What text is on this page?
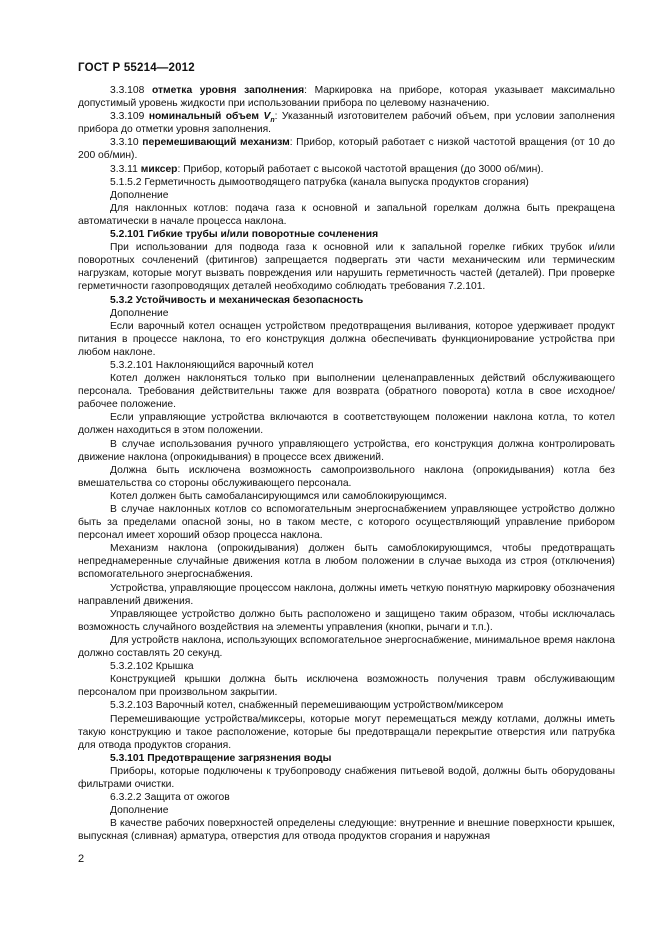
ГОСТ Р 55214—2012

3.3.108 отметка уровня заполнения: Маркировка на приборе, которая указывает максимально допустимый уровень жидкости при использовании прибора по целевому назначению.

3.3.109 номинальный объем $V_n$: Указанный изготовителем рабочий объем, при условии заполнения прибора до отметки уровня заполнения.

3.3.10 перемешивающий механизм: Прибор, который работает с низкой частотой вращения (от 10 до 200 об/мин).

3.3.11 миксер: Прибор, который работает с высокой частотой вращения (до 3000 об/мин).

5.1.5.2 Герметичность дымоотводящего патрубка (канала выпуска продуктов сгорания)

Дополнение

Для наклонных котлов: подача газа к основной и запальной горелкам должна быть прекращена автоматически в начале процесса наклона.

5.2.101 Гибкие трубы и/или поворотные сочленения

При использовании для подвода газа к основной или к запальной горелке гибких трубок и/или поворотных сочленений (фитингов) запрещается подвергать эти части механическим или термическим нагрузкам, которые могут вызвать повреждения или нарушить герметичность частей (деталей). При проверке герметичности газопроводящих деталей необходимо соблюдать требования 7.2.101.

5.3.2 Устойчивость и механическая безопасность

Дополнение

Если варочный котел оснащен устройством предотвращения выливания, которое удерживает продукт питания в процессе наклона, то его конструкция должна обеспечивать функционирование устройства при любом наклоне.

5.3.2.101 Наклоняющийся варочный котел

Котел должен наклоняться только при выполнении целенаправленных действий обслуживающего персонала. Требования действительны также для возврата (обратного поворота) котла в свое исходное/рабочее положение.

Если управляющие устройства включаются в соответствующем положении наклона котла, то котел должен находиться в этом положении.

В случае использования ручного управляющего устройства, его конструкция должна контролировать движение наклона (опрокидывания) в процессе всех движений.

Должна быть исключена возможность самопроизвольного наклона (опрокидывания) котла без вмешательства со стороны обслуживающего персонала.

Котел должен быть самобалансирующимся или самоблокирующимся.

В случае наклонных котлов со вспомогательным энергоснабжением управляющее устройство должно быть за пределами опасной зоны, но в таком месте, с которого осуществляющий управление прибором персонал имеет хороший обзор процесса наклона.

Механизм наклона (опрокидывания) должен быть самоблокирующимся, чтобы предотвращать непреднамеренные случайные движения котла в любом положении в случае выхода из строя (отключения) вспомогательного энергоснабжения.

Устройства, управляющие процессом наклона, должны иметь четкую понятную маркировку обозначения направлений движения.

Управляющее устройство должно быть расположено и защищено таким образом, чтобы исключалась возможность случайного воздействия на элементы управления (кнопки, рычаги и т.п.).

Для устройств наклона, использующих вспомогательное энергоснабжение, минимальное время наклона должно составлять 20 секунд.

5.3.2.102 Крышка

Конструкцией крышки должна быть исключена возможность получения травм обслуживающим персоналом при произвольном закрытии.

5.3.2.103 Варочный котел, снабженный перемешивающим устройством/миксером

Перемешивающие устройства/миксеры, которые могут перемещаться между котлами, должны иметь такую конструкцию и такое расположение, которые бы предотвращали перекрытие отверстия или патрубка для отвода продуктов сгорания.

5.3.101 Предотвращение загрязнения воды

Приборы, которые подключены к трубопроводу снабжения питьевой водой, должны быть оборудованы фильтрами очистки.

6.3.2.2 Защита от ожогов

Дополнение

В качестве рабочих поверхностей определены следующие: внутренние и внешние поверхности крышек, выпускная (сливная) арматура, отверстия для отвода продуктов сгорания и наружная

2
